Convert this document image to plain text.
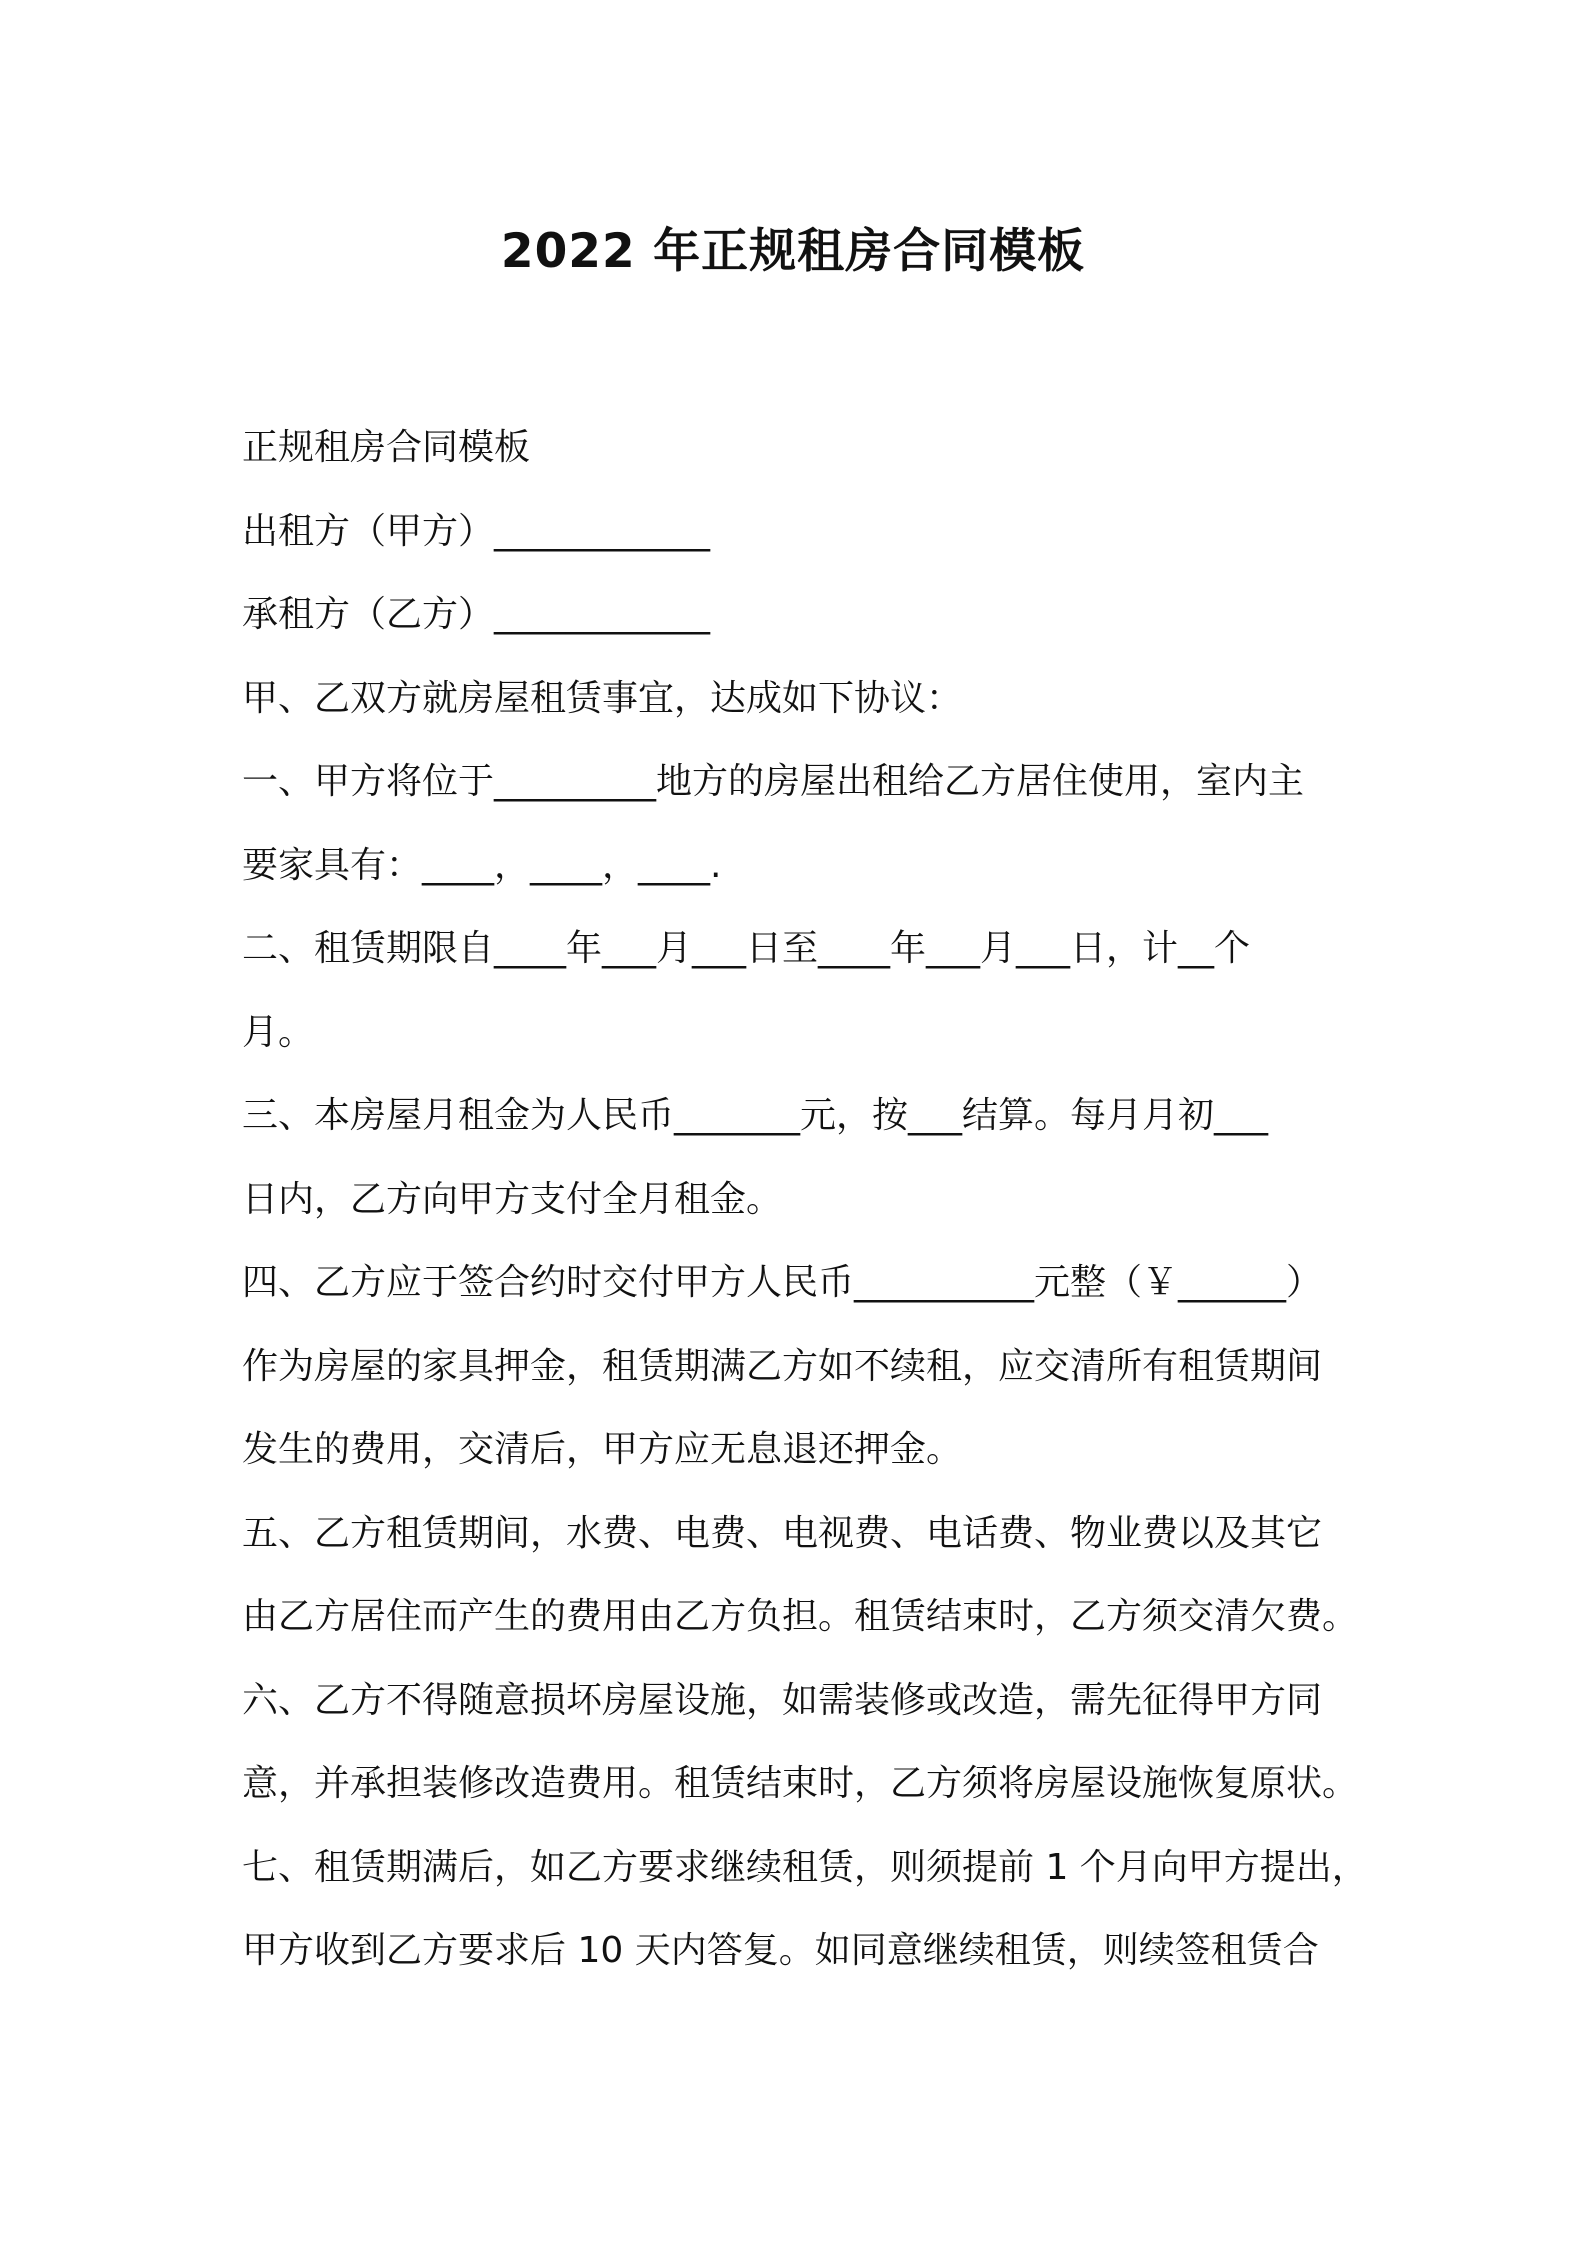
2022 年正规租房合同模板

正规租房合同模板

出租方（甲方）____________

承租方（乙方）____________

甲、乙双方就房屋租赁事宜，达成如下协议：

一、甲方将位于_________地方的房屋出租给乙方居住使用，室内主

要家具有：____，____，____.

二、租赁期限自____年___月___日至____年___月___日，计__个

月。

三、本房屋月租金为人民币_______元，按___结算。每月月初___

日内，乙方向甲方支付全月租金。

四、乙方应于签合约时交付甲方人民币__________元整（￥______）

作为房屋的家具押金，租赁期满乙方如不续租，应交清所有租赁期间

发生的费用，交清后，甲方应无息退还押金。

五、乙方租赁期间，水费、电费、电视费、电话费、物业费以及其它

由乙方居住而产生的费用由乙方负担。租赁结束时，乙方须交清欠费。

六、乙方不得随意损坏房屋设施，如需装修或改造，需先征得甲方同

意，并承担装修改造费用。租赁结束时，乙方须将房屋设施恢复原状。

七、租赁期满后，如乙方要求继续租赁，则须提前 1 个月向甲方提出，

甲方收到乙方要求后 10 天内答复。如同意继续租赁，则续签租赁合
